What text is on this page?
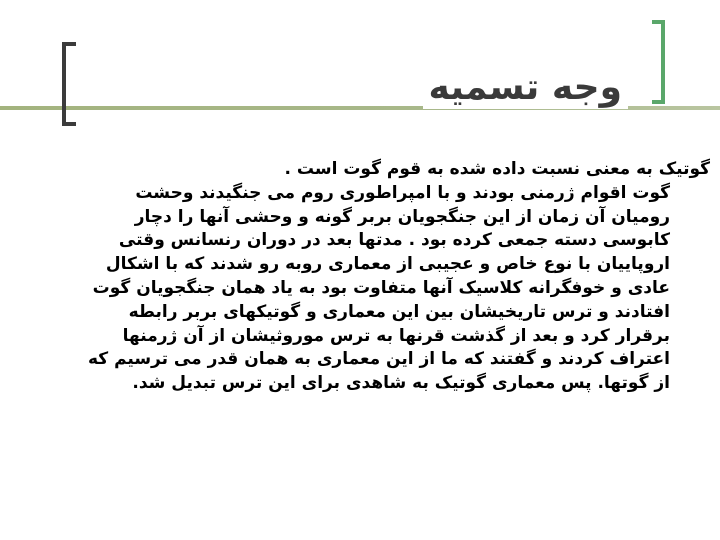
وجه تسمیه
گوتیک به معنی نسبت داده شده به قوم گوت است .
گوت اقوام ژرمنی بودند و با امپراطوری روم می جنگیدند وحشت رومیان آن زمان از این جنگجویان بربر گونه و وحشی آنها را دچار کابوسی دسته جمعی کرده بود . مدتها بعد در دوران رنسانس وقتی اروپاییان با نوع خاص و عجیبی از معماری روبه رو شدند که با اشکال عادی و خوفگرانه کلاسیک آنها متفاوت بود به یاد همان جنگجویان گوت افتادند و ترس تاریخیشان بین این معماری و گوتیکهای بربر رابطه برقرار کرد و بعد از گذشت قرنها به ترس موروثیشان از آن ژرمنها اعتراف کردند و گفتند که ما از این معماری به همان قدر می ترسیم که از گوتها. پس معماری گوتیک به شاهدی برای این ترس تبدیل شد.
